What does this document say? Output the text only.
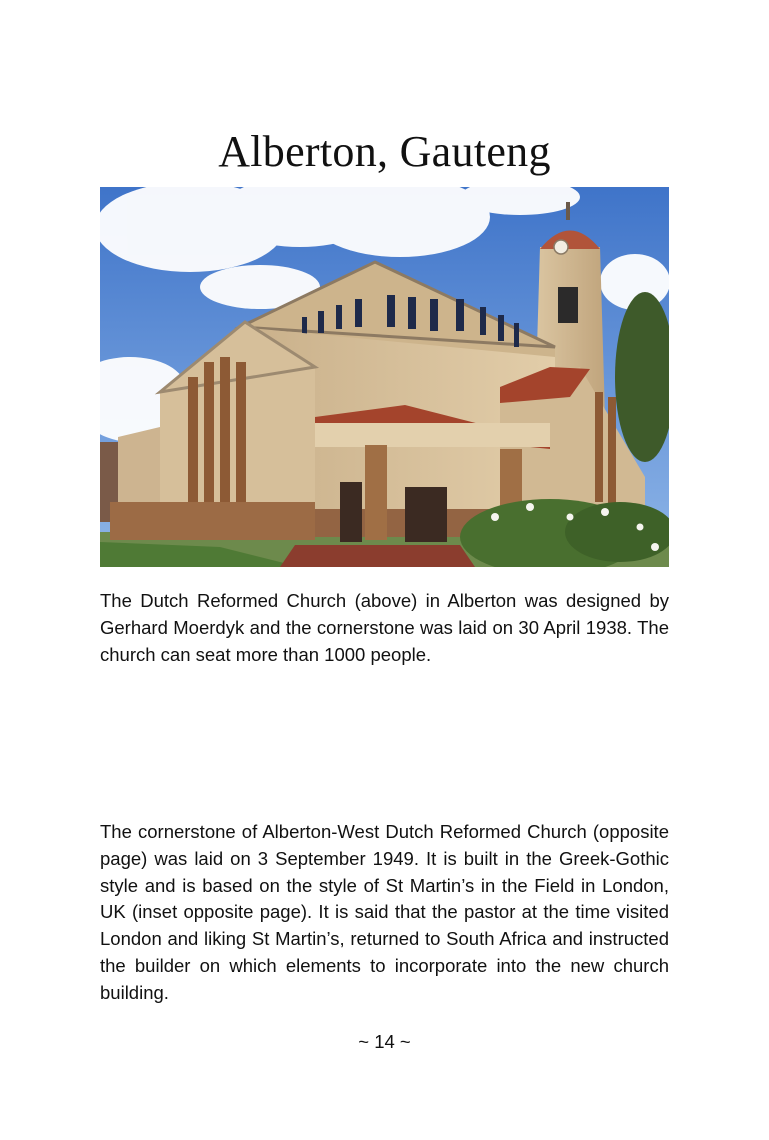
Alberton, Gauteng

The Dutch Reformed Church (above) in Alberton was designed by Gerhard Moerdyk and the cornerstone was laid on 30 April 1938. The church can seat more than 1000 people.

The cornerstone of Alberton-West Dutch Reformed Church (opposite page) was laid on 3 September 1949. It is built in the Greek-Gothic style and is based on the style of St Martin’s in the Field in London, UK (inset opposite page). It is said that the pastor at the time visited London and liking St Martin’s, returned to South Africa and instructed the builder on which elements to incorporate into the new church building.

~ 14 ~
